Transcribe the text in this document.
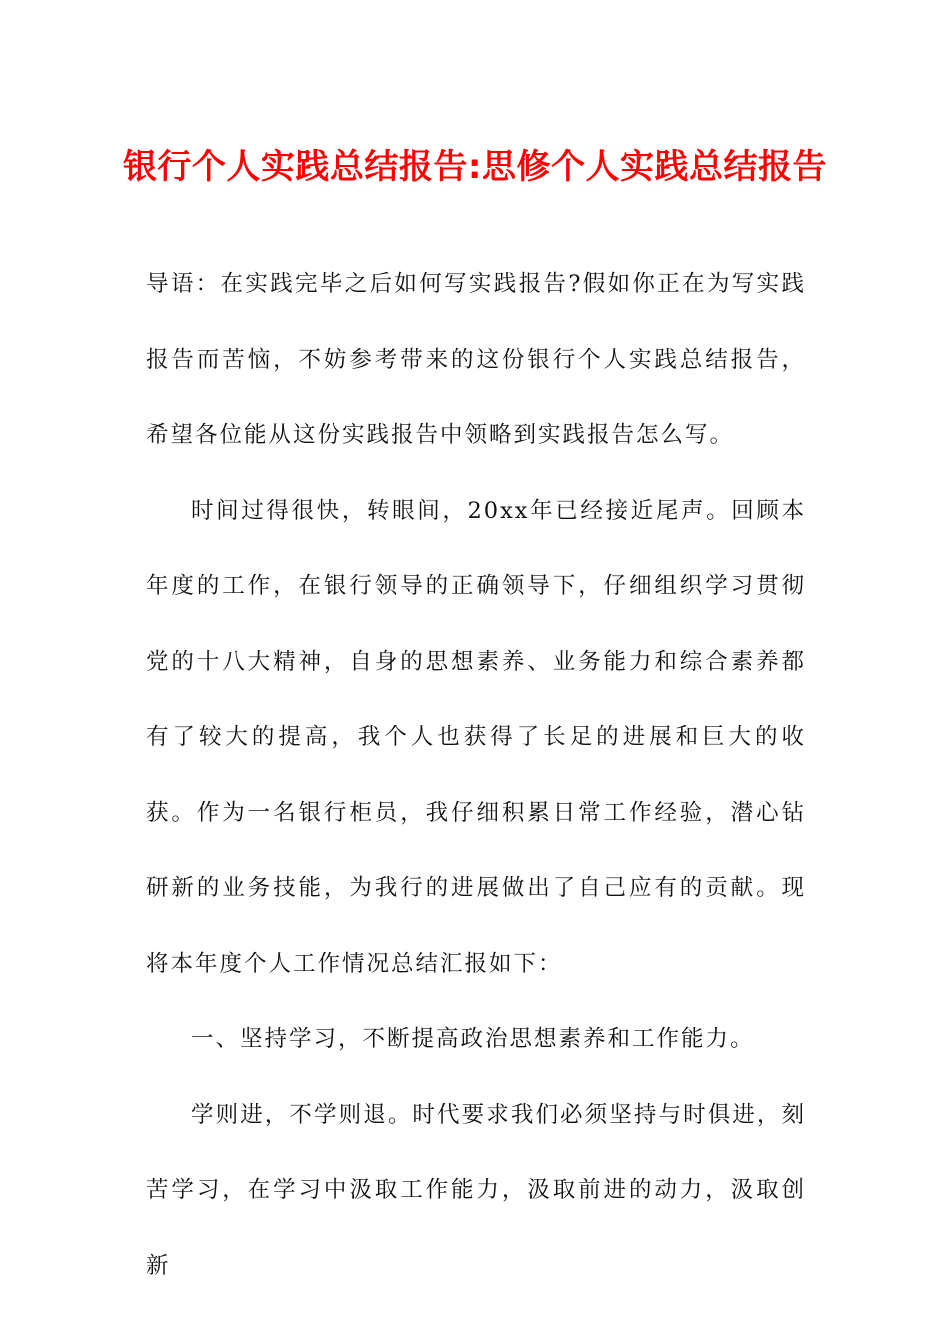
银行个人实践总结报告:思修个人实践总结报告

导语：在实践完毕之后如何写实践报告?假如你正在为写实践报告而苦恼，不妨参考带来的这份银行个人实践总结报告，希望各位能从这份实践报告中领略到实践报告怎么写。

时间过得很快，转眼间，20xx年已经接近尾声。回顾本年度的工作，在银行领导的正确领导下，仔细组织学习贯彻党的十八大精神，自身的思想素养、业务能力和综合素养都有了较大的提高，我个人也获得了长足的进展和巨大的收获。作为一名银行柜员，我仔细积累日常工作经验，潜心钻研新的业务技能，为我行的进展做出了自己应有的贡献。现将本年度个人工作情况总结汇报如下：

一、坚持学习，不断提高政治思想素养和工作能力。

学则进，不学则退。时代要求我们必须坚持与时俱进，刻苦学习，在学习中汲取工作能力，汲取前进的动力，汲取创新
